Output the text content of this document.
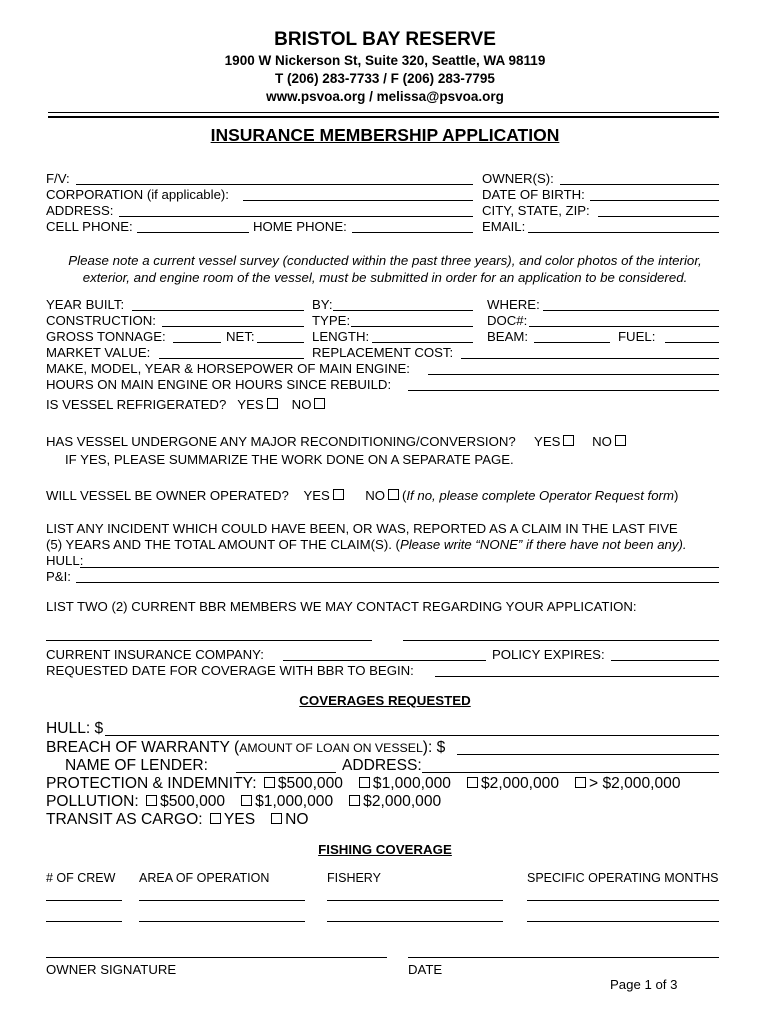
BRISTOL BAY RESERVE
1900 W Nickerson St, Suite 320, Seattle, WA 98119
T (206) 283-7733 / F (206) 283-7795
www.psvoa.org / melissa@psvoa.org
INSURANCE MEMBERSHIP APPLICATION
F/V:	OWNER(S):
CORPORATION (if applicable):	DATE OF BIRTH:
ADDRESS:	CITY, STATE, ZIP:
CELL PHONE:	HOME PHONE:	EMAIL:
Please note a current vessel survey (conducted within the past three years), and color photos of the interior,
exterior, and engine room of the vessel, must be submitted in order for an application to be considered.
YEAR BUILT:	BY:	WHERE:
CONSTRUCTION:	TYPE:	DOC#:
GROSS TONNAGE:	NET:	LENGTH:	BEAM:	FUEL:
MARKET VALUE:	REPLACEMENT COST:
MAKE, MODEL, YEAR & HORSEPOWER OF MAIN ENGINE:
HOURS ON MAIN ENGINE OR HOURS SINCE REBUILD:
IS VESSEL REFRIGERATED? YES NO
HAS VESSEL UNDERGONE ANY MAJOR RECONDITIONING/CONVERSION? YES NO
IF YES, PLEASE SUMMARIZE THE WORK DONE ON A SEPARATE PAGE.
WILL VESSEL BE OWNER OPERATED? YES	NO (If no, please complete Operator Request form)
LIST ANY INCIDENT WHICH COULD HAVE BEEN, OR WAS, REPORTED AS A CLAIM IN THE LAST FIVE
(5) YEARS AND THE TOTAL AMOUNT OF THE CLAIM(S). (Please write “NONE” if there have not been any).
HULL:
P&I:
LIST TWO (2) CURRENT BBR MEMBERS WE MAY CONTACT REGARDING YOUR APPLICATION:
CURRENT INSURANCE COMPANY:	POLICY EXPIRES:
REQUESTED DATE FOR COVERAGE WITH BBR TO BEGIN:
COVERAGES REQUESTED
HULL: $
BREACH OF WARRANTY (AMOUNT OF LOAN ON VESSEL): $
NAME OF LENDER:	ADDRESS:
PROTECTION & INDEMNITY: $500,000 $1,000,000 $2,000,000 > $2,000,000
POLLUTION: $500,000 $1,000,000 $2,000,000
TRANSIT AS CARGO: YES NO
FISHING COVERAGE
# OF CREW AREA OF OPERATION	FISHERY	SPECIFIC OPERATING MONTHS
OWNER SIGNATURE	DATE
Page 1 of 3
